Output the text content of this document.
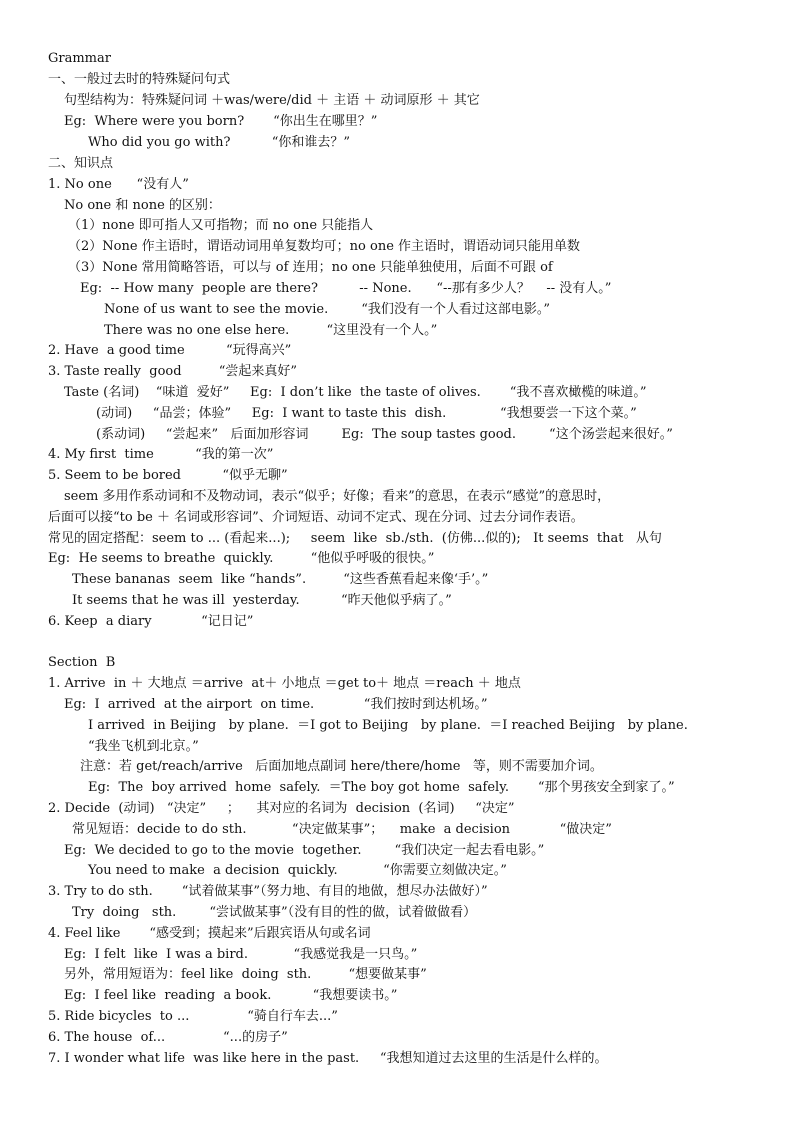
Grammar
一、一般过去时的特殊疑问句式
句型结构为：特殊疑问词 ＋was/were/did ＋ 主语 ＋ 动词原形 ＋ 其它
Eg:  Where were you born?       “你出生在哪里？”
Who did you go with?          “你和谁去？”
二、知识点
1. No one      “没有人”
No one 和 none 的区别：
（1）none 即可指人又可指物；而 no one 只能指人
（2）None 作主语时，谓语动词用单复数均可；no one 作主语时，谓语动词只能用单数
（3）None 常用简略答语，可以与 of 连用；no one 只能单独使用，后面不可跟 of
Eg:  -- How many  people are there?          -- None.      “--那有多少人？    -- 没有人。”
None of us want to see the movie.        “我们没有一个人看过这部电影。”
There was no one else here.         “这里没有一个人。”
2. Have  a good time          “玩得高兴”
3. Taste really  good         “尝起来真好”
Taste (名词)    “味道  爱好”     Eg:  I don’t like  the taste of olives.       “我不喜欢橄榄的味道。”
(动词)     “品尝；体验”     Eg:  I want to taste this  dish.             “我想要尝一下这个菜。”
(系动词)     “尝起来”   后面加形容词        Eg:  The soup tastes good.        “这个汤尝起来很好。”
4. My first  time          “我的第一次”
5. Seem to be bored          “似乎无聊”
seem 多用作系动词和不及物动词，表示“似乎；好像；看来”的意思，在表示“感觉”的意思时，
后面可以接“to be ＋ 名词或形容词”、介词短语、动词不定式、现在分词、过去分词作表语。
常见的固定搭配：seem to ... (看起来...);     seem  like  sb./sth.  (仿佛...似的);   It seems  that   从句
Eg:  He seems to breathe  quickly.         “他似乎呼吸的很快。”
These bananas  seem  like “hands”.         “这些香蕉看起来像‘手’。”
It seems that he was ill  yesterday.          “昨天他似乎病了。”
6. Keep  a diary            “记日记”
Section  B
1. Arrive  in ＋ 大地点 ＝arrive  at＋ 小地点 ＝get to＋ 地点 ＝reach ＋ 地点
Eg:  I  arrived  at the airport  on time.            “我们按时到达机场。”
I arrived  in Beijing   by plane.  ＝I got to Beijing   by plane.  ＝I reached Beijing   by plane.
“我坐飞机到北京。”
注意：若 get/reach/arrive   后面加地点副词 here/there/home   等，则不需要加介词。
Eg:  The  boy arrived  home  safely.  ＝The boy got home  safely.       “那个男孩安全到家了。”
2. Decide  (动词)   “决定”     ；    其对应的名词为  decision  (名词)     “决定”
常见短语：decide to do sth.           “决定做某事”；    make  a decision            “做决定”
Eg:  We decided to go to the movie  together.        “我们决定一起去看电影。”
You need to make  a decision  quickly.           “你需要立刻做决定。”
3. Try to do sth.       “试着做某事”（努力地、有目的地做，想尽办法做好）”
Try  doing   sth.        “尝试做某事”（没有目的性的做，试着做做看）
4. Feel like       “感受到；摸起来”后跟宾语从句或名词
Eg:  I felt  like  I was a bird.           “我感觉我是一只鸟。”
另外，常用短语为：feel like  doing  sth.         “想要做某事”
Eg:  I feel like  reading  a book.          “我想要读书。”
5. Ride bicycles  to ...              “骑自行车去...”
6. The house  of...              “...的房子”
7. I wonder what life  was like here in the past.     “我想知道过去这里的生活是什么样的。
